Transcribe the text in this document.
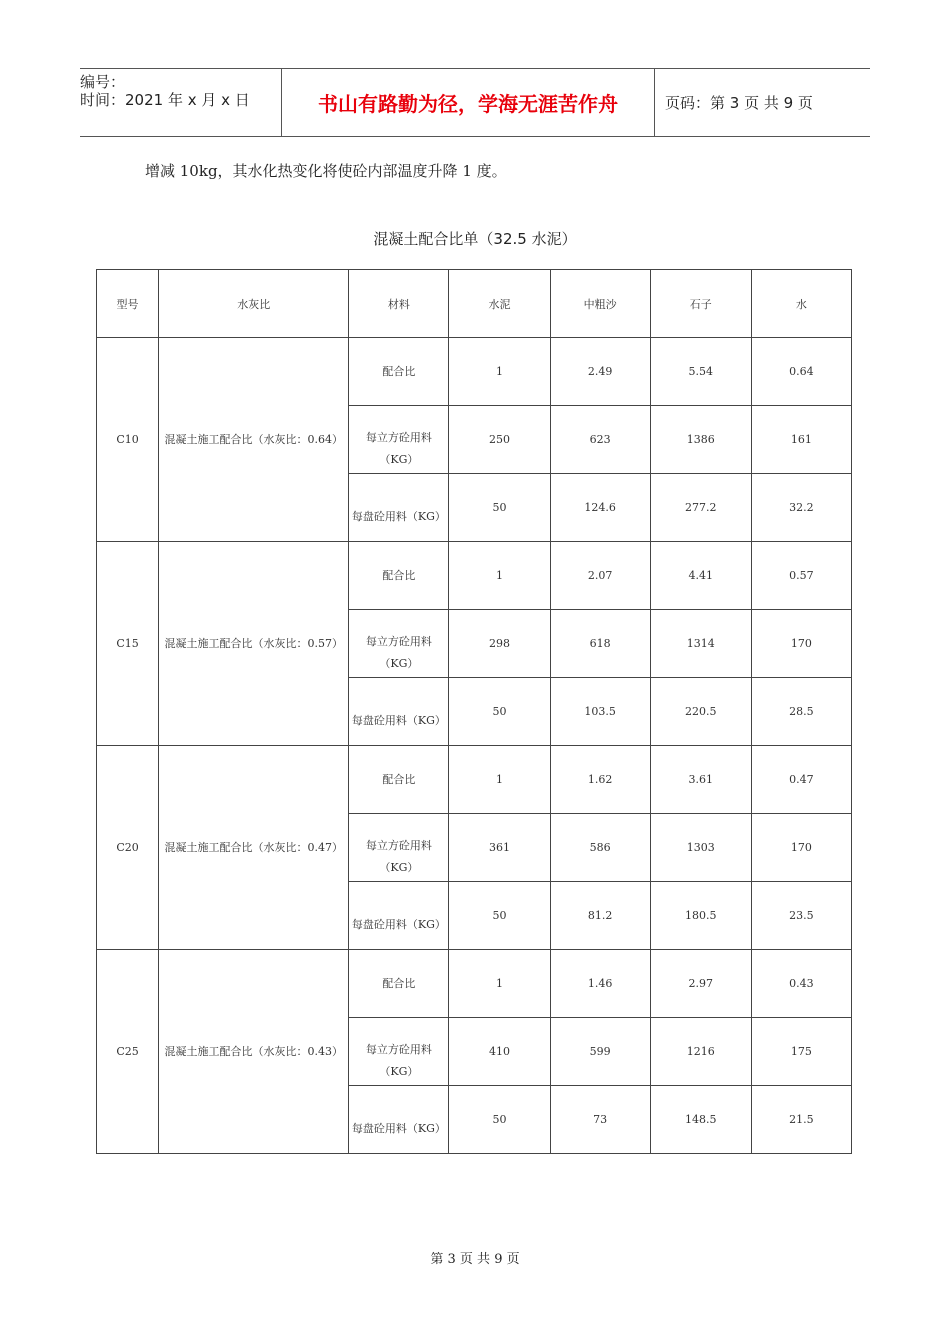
编号：
时间：2021 年 x 月 x 日	书山有路勤为径，学海无涯苦作舟	页码：第 3 页 共 9 页
增减 10kg，其水化热变化将使砼内部温度升降 1 度。
混凝土配合比单（32.5 水泥）
型号	水灰比	材料	水泥	中粗沙	石子	水
C10	混凝土施工配合比（水灰比：0.64）	配合比	1	2.49	5.54	0.64
		每立方砼用料（KG）	250	623	1386	161
		每盘砼用料（KG）	50	124.6	277.2	32.2
C15	混凝土施工配合比（水灰比：0.57）	配合比	1	2.07	4.41	0.57
		每立方砼用料（KG）	298	618	1314	170
		每盘砼用料（KG）	50	103.5	220.5	28.5
C20	混凝土施工配合比（水灰比：0.47）	配合比	1	1.62	3.61	0.47
		每立方砼用料（KG）	361	586	1303	170
		每盘砼用料（KG）	50	81.2	180.5	23.5
C25	混凝土施工配合比（水灰比：0.43）	配合比	1	1.46	2.97	0.43
		每立方砼用料（KG）	410	599	1216	175
		每盘砼用料（KG）	50	73	148.5	21.5
第 3 页 共 9 页
